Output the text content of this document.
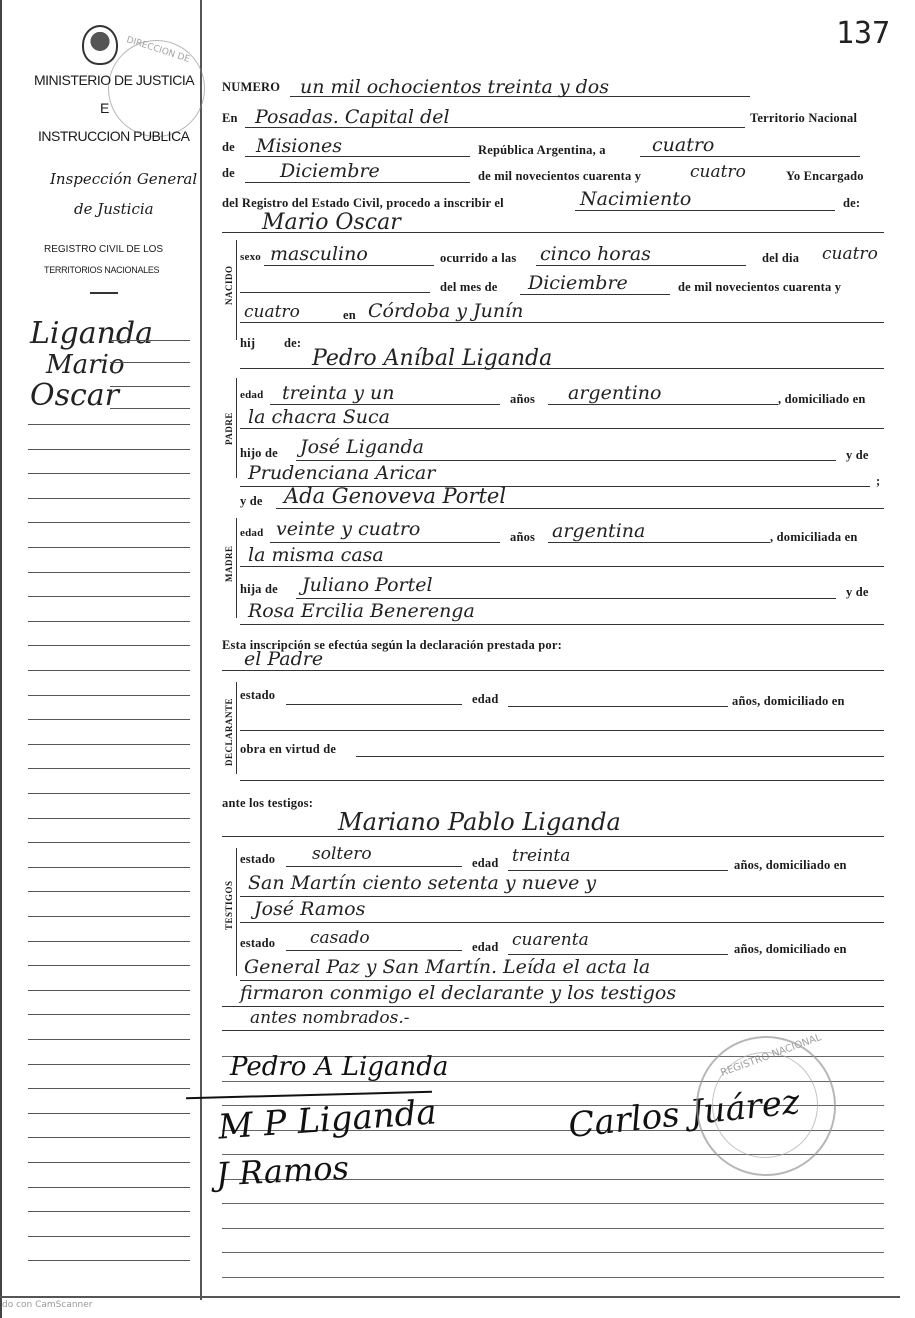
137
DIRECCION DE
MINISTERIO DE JUSTICIA
E
INSTRUCCION PUBLICA
Inspección General
de Justicia
REGISTRO CIVIL DE LOS
TERRITORIOS NACIONALES
Liganda
Mario
Oscar
NUMERO un mil ochocientos treinta y dos
En Posadas. Capital del	Territorio Nacional
de Misiones	República Argentina, a cuatro
de Diciembre	de mil novecientos cuarenta y	cuatro	Yo Encargado
del Registro del Estado Civil, procedo a inscribir el	Nacimiento	de:
Mario Oscar
NACIDO
sexo masculino	ocurrido a las cinco horas	del dia cuatro
del mes de Diciembre	de mil novecientos cuarenta y
cuatro	en Córdoba y Junín
hij de:
Pedro Aníbal Liganda
PADRE
edad treinta y un	años argentino	, domiciliado en
la chacra Suca
hijo de José Liganda	y de
Prudenciana Aricar	;
y de Ada Genoveva Portel
MADRE
edad veinte y cuatro	años argentina	, domiciliada en
la misma casa
hija de Juliano Portel	y de
Rosa Ercilia Benerenga
Esta inscripción se efectúa según la declaración prestada por:
el Padre
DECLARANTE
estado	edad	años, domiciliado en
obra en virtud de
ante los testigos:
Mariano Pablo Liganda
TESTIGOS
estado soltero	edad treinta	años, domiciliado en
San Martín ciento setenta y nueve y
José Ramos
estado casado	edad cuarenta	años, domiciliado en
General Paz y San Martín. Leída el acta la
firmaron conmigo el declarante y los testigos
antes nombrados.-
Pedro A Liganda
M P Liganda
J Ramos
Carlos Juárez
REGISTRO NACIONAL
do con CamScanner
